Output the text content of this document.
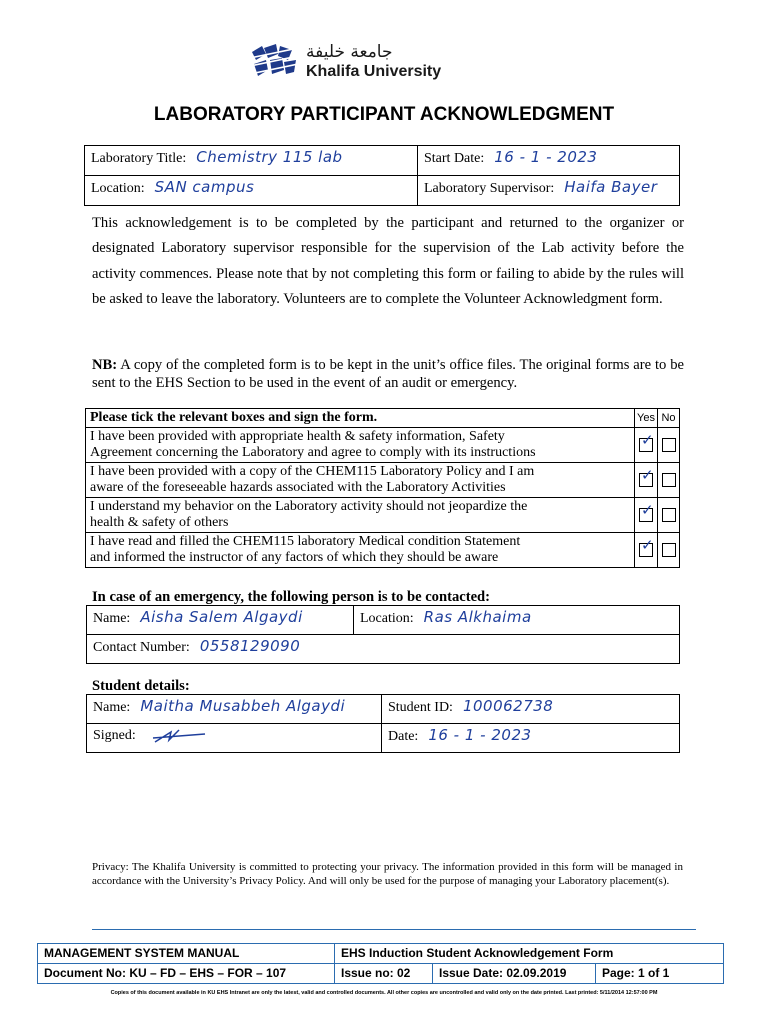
جامعة خليفة
Khalifa University
LABORATORY PARTICIPANT ACKNOWLEDGMENT
Laboratory Title: Chemistry 115 lab	Start Date: 16 - 1 - 2023
Location: SAN campus	Laboratory Supervisor: Haifa Bayer
This acknowledgement is to be completed by the participant and returned to the organizer or designated Laboratory supervisor responsible for the supervision of the Lab activity before the activity commences. Please note that by not completing this form or failing to abide by the rules will be asked to leave the laboratory. Volunteers are to complete the Volunteer Acknowledgment form.
NB: A copy of the completed form is to be kept in the unit’s office files. The original forms are to be sent to the EHS Section to be used in the event of an audit or emergency.
Please tick the relevant boxes and sign the form.	Yes	No
I have been provided with appropriate health & safety information, Safety
Agreement concerning the Laboratory and agree to comply with its instructions	✓	

I have been provided with a copy of the CHEM115 Laboratory Policy and I am
aware of the foreseeable hazards associated with the Laboratory Activities	✓	

I understand my behavior on the Laboratory activity should not jeopardize the
health & safety of others	✓	

I have read and filled the CHEM115 laboratory Medical condition Statement
and informed the instructor of any factors of which they should be aware	✓	

In case of an emergency, the following person is to be contacted:
Name: Aisha Salem Algaydi	Location: Ras Alkhaima
Contact Number: 0558129090
Student details:
Name: Maitha Musabbeh Algaydi	Student ID: 100062738
Signed:	Date: 16 - 1 - 2023
Privacy: The Khalifa University is committed to protecting your privacy. The information provided in this form will be managed in accordance with the University’s Privacy Policy. And will only be used for the purpose of managing your Laboratory placement(s).
MANAGEMENT SYSTEM MANUAL	EHS Induction Student Acknowledgement Form		
Document No: KU – FD – EHS – FOR – 107	Issue no: 02	Issue Date: 02.09.2019	Page: 1 of 1
Copies of this document available in KU EHS Intranet are only the latest, valid and controlled documents. All other copies are uncontrolled and valid only on the date printed. Last printed: 5/11/2014 12:57:00 PM
